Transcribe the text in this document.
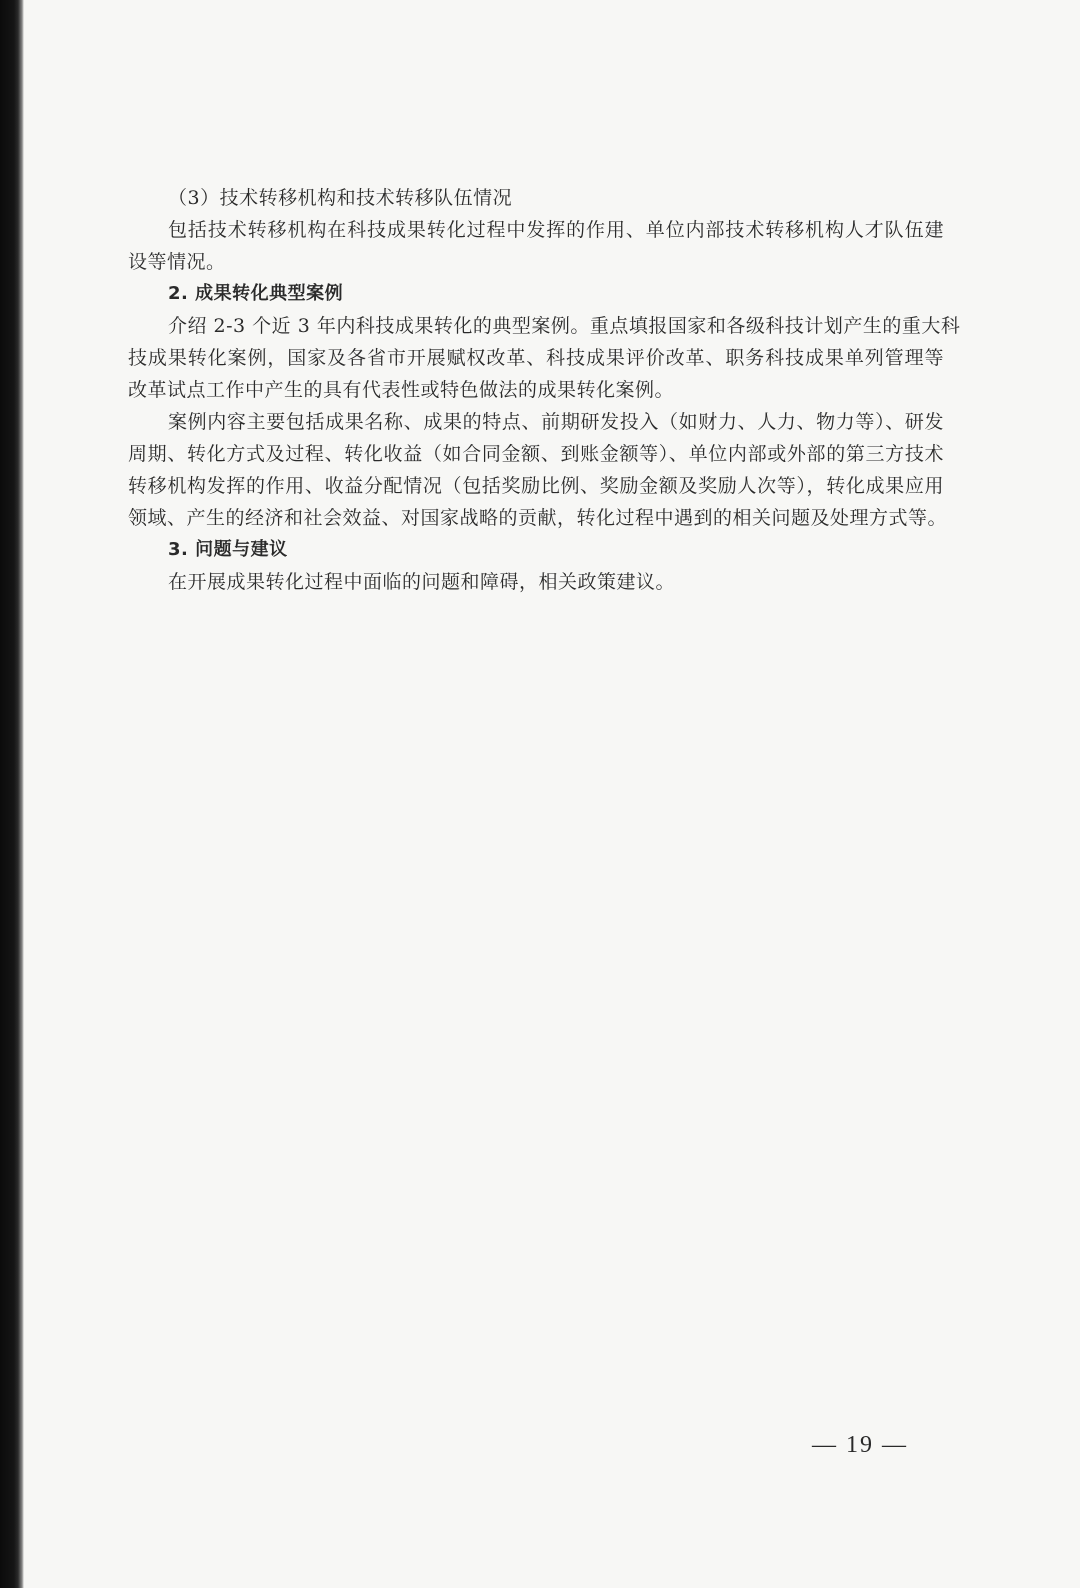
（3）技术转移机构和技术转移队伍情况
包括技术转移机构在科技成果转化过程中发挥的作用、单位内部技术转移机构人才队伍建
设等情况。
2. 成果转化典型案例
介绍 2-3 个近 3 年内科技成果转化的典型案例。重点填报国家和各级科技计划产生的重大科
技成果转化案例，国家及各省市开展赋权改革、科技成果评价改革、职务科技成果单列管理等
改革试点工作中产生的具有代表性或特色做法的成果转化案例。
案例内容主要包括成果名称、成果的特点、前期研发投入（如财力、人力、物力等）、研发
周期、转化方式及过程、转化收益（如合同金额、到账金额等）、单位内部或外部的第三方技术
转移机构发挥的作用、收益分配情况（包括奖励比例、奖励金额及奖励人次等），转化成果应用
领域、产生的经济和社会效益、对国家战略的贡献，转化过程中遇到的相关问题及处理方式等。
3. 问题与建议
在开展成果转化过程中面临的问题和障碍，相关政策建议。
— 19 —
